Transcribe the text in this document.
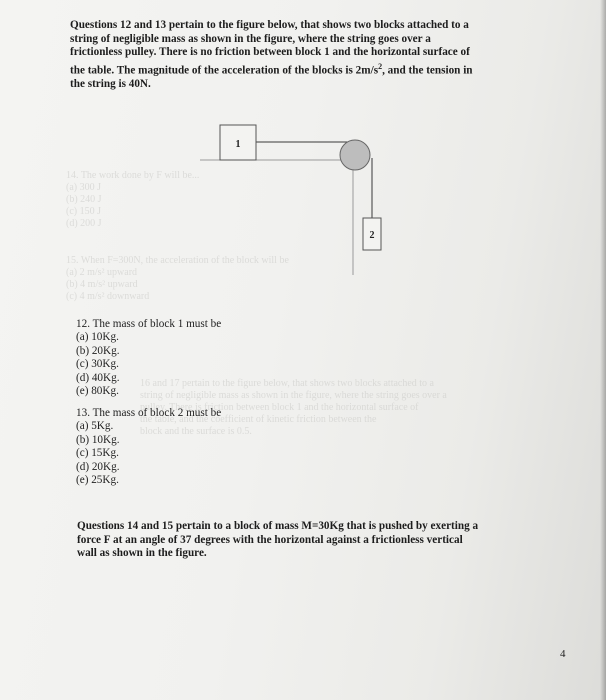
14. The work done by F will be...
(a) 300 J
(b) 240 J
(c) 150 J
(d) 200 J
15. When F=300N, the acceleration of the block will be
(a) 2 m/s² upward
(b) 4 m/s² upward
(c) 4 m/s² downward
16 and 17 pertain to the figure below, that shows two blocks attached to a
string of negligible mass as shown in the figure, where the string goes over a
pulley. There is friction between block 1 and the horizontal surface of
the table, and the coefficient of kinetic friction between the
block and the surface is 0.5.

Questions 12 and 13 pertain to the figure below, that shows two blocks attached to a

string of negligible mass as shown in the figure, where the string goes over a

frictionless pulley. There is no friction between block 1 and the horizontal surface of

the table. The magnitude of the acceleration of the blocks is $2m/s^2$, and the tension in

the string is 40N.

1
2
12. The mass of block 1 must be
(a) 10Kg.
(b) 20Kg.
(c) 30Kg.
(d) 40Kg.
(e) 80Kg.
13. The mass of block 2 must be
(a) 5Kg.
(b) 10Kg.
(c) 15Kg.
(d) 20Kg.
(e) 25Kg.

Questions 14 and 15 pertain to a block of mass M=30Kg that is pushed by exerting a

force F at an angle of 37 degrees with the horizontal against a frictionless vertical

wall as shown in the figure.

4
